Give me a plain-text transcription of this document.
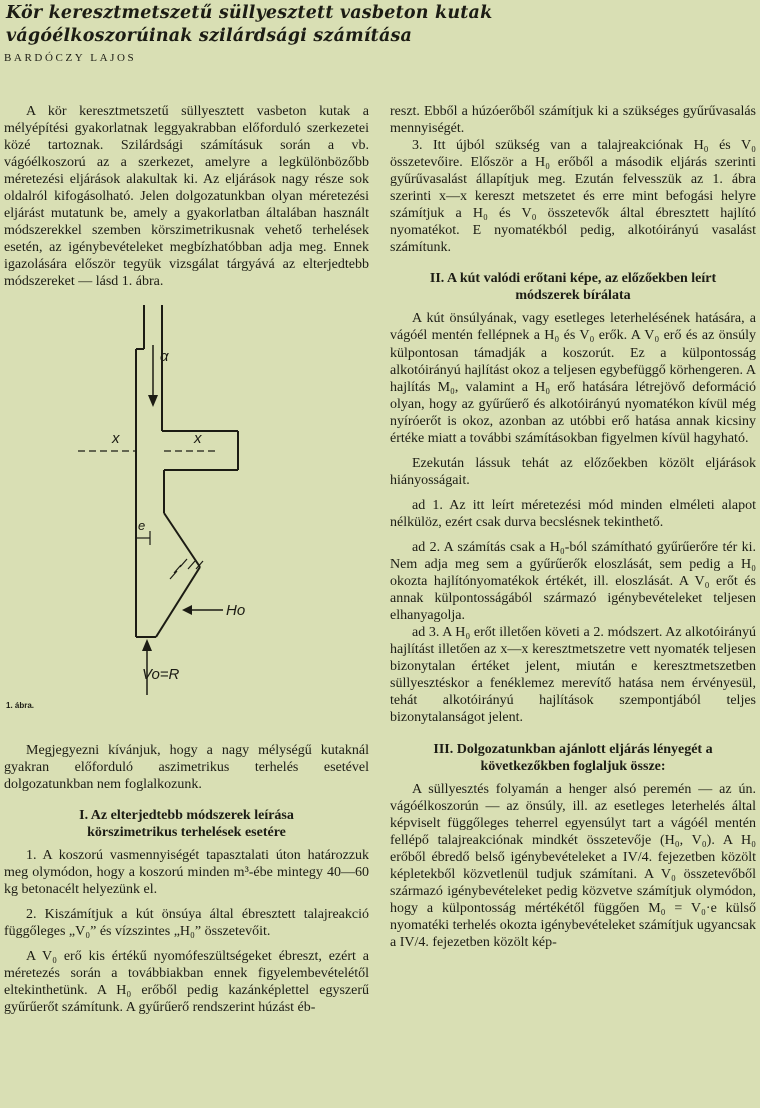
Kör keresztmetszetű süllyesztett vasbeton kutak
vágóélkoszorúinak szilárdsági számítása
BARDÓCZY LAJOS

A kör keresztmetszetű süllyesztett vasbeton kutak a mélyépítési gyakorlatnak leggyakrabban előforduló szerkezetei közé tartoznak. Szilárdsági számításuk során a vb. vágóélkoszorú az a szerkezet, amelyre a legkülönbözőbb méretezési eljárások alakultak ki. Az eljárások nagy része sok oldalról kifogásolható. Jelen dolgozatunkban olyan méretezési eljárást mutatunk be, amely a gyakorlatban általában használt módszerekkel szemben körszimetrikusnak vehető terhelések esetén, az igénybevételeket megbízhatóbban adja meg. Ennek igazolására először tegyük vizsgálat tárgyává az elterjedtebb módszereket — lásd 1. ábra.

α
x	x
e
Ho
Vo=R
1. ábra.

Megjegyezni kívánjuk, hogy a nagy mélységű kutaknál gyakran előforduló aszimetrikus terhelés esetével dolgozatunkban nem foglalkozunk.

I. Az elterjedtebb módszerek leírása
körszimetrikus terhelések esetére

1. A koszorú vasmennyiségét tapasztalati úton határozzuk meg olymódon, hogy a koszorú minden m³-ébe mintegy 40—60 kg betonacélt helyezünk el.

2. Kiszámítjuk a kút önsúya által ébresztett talajreakció függőleges „V₀” és vízszintes „H₀” összetevőit.

A V₀ erő kis értékű nyomófeszültségeket ébreszt, ezért a méretezés során a továbbiakban ennek figyelembevételétől eltekinthetünk. A H₀ erőből pedig kazánképlettel egyszerű gyűrűerőt számítunk. A gyűrűerő rendszerint húzást éb-

reszt. Ebből a húzóerőből számítjuk ki a szükséges gyűrűvasalás mennyiségét.

3. Itt újból szükség van a talajreakciónak H₀ és V₀ összetevőire. Először a H₀ erőből a második eljárás szerinti gyűrűvasalást állapítjuk meg. Ezután felvesszük az 1. ábra szerinti x—x kereszt metszetet és erre mint befogási helyre számítjuk a H₀ és V₀ összetevők által ébresztett hajlító nyomatékot. E nyomatékból pedig, alkotóirányú vasalást számítunk.

II. A kút valódi erőtani képe, az előzőekben leírt
módszerek bírálata

A kút önsúlyának, vagy esetleges leterhelésének hatására, a vágóél mentén fellépnek a H₀ és V₀ erők. A V₀ erő és az önsúly külpontosan támadják a koszorút. Ez a külpontosság alkotóirányú hajlítást okoz a teljesen egybefüggő körhengeren. A hajlítás M₀, valamint a H₀ erő hatására létrejövő deformáció olyan, hogy az gyűrűerő és alkotóirányú nyomatékon kívül még nyíróerőt is okoz, azonban az utóbbi erő hatása annak kicsiny értéke miatt a további számításokban figyelmen kívül hagyható.

Ezekután lássuk tehát az előzőekben közölt eljárások hiányosságait.

ad 1. Az itt leírt méretezési mód minden elméleti alapot nélkülöz, ezért csak durva becslésnek tekinthető.

ad 2. A számítás csak a H₀-ból számítható gyűrűerőre tér ki. Nem adja meg sem a gyűrűerők eloszlását, sem pedig a H₀ okozta hajlítónyomatékok értékét, ill. eloszlását. A V₀ erőt és annak külpontosságából származó igénybevételeket teljesen elhanyagolja.

ad 3. A H₀ erőt illetően követi a 2. módszert. Az alkotóirányú hajlítást illetően az x—x keresztmetszetre vett nyomaték teljesen bizonytalan értéket jelent, miután e keresztmetszetben süllyesztéskor a fenéklemez merevítő hatása nem érvényesül, tehát alkotóirányú hajlítások szempontjából teljes bizonytalanságot jelent.

III. Dolgozatunkban ajánlott eljárás lényegét a
következőkben foglaljuk össze:

A süllyesztés folyamán a henger alsó peremén — az ún. vágóélkoszorún — az önsúly, ill. az esetleges leterhelés által képviselt függőleges teherrel egyensúlyt tart a vágóél mentén fellépő talajreakciónak mindkét összetevője (H₀, V₀). A H₀ erőből ébredő belső igénybevételeket a IV/4. fejezetben közölt képletekből közvetlenül tudjuk számítani. A V₀ összetevőből származó igénybevételeket pedig közvetve számítjuk olymódon, hogy a külpontosság mértékétől függően M₀ = V₀·e külső nyomatéki terhelés okozta igénybevételeket számítjuk ugyancsak a IV/4. fejezetben közölt kép-
